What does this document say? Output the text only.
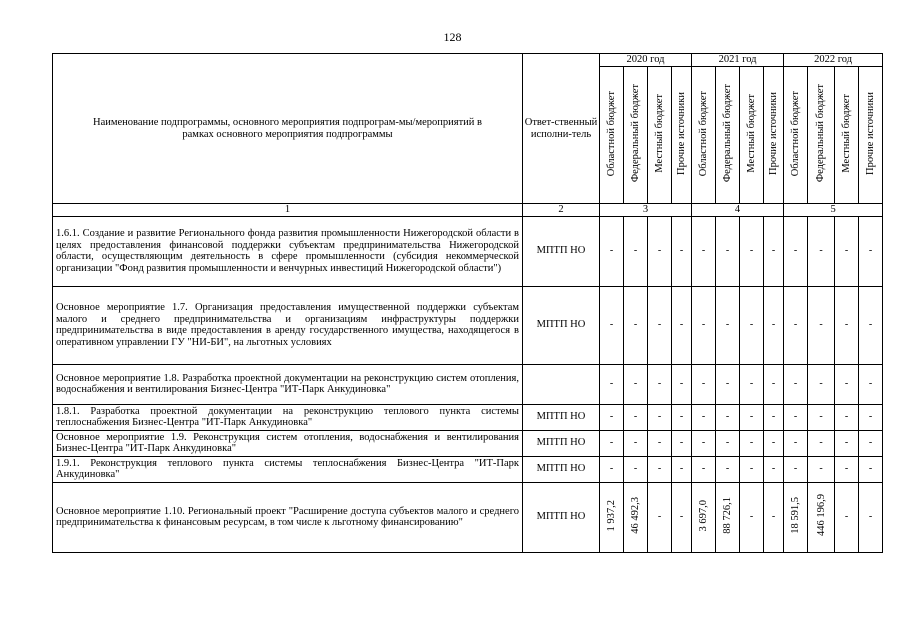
128
Наименование подпрограммы, основного мероприятия подпрограм-мы/мероприятий в рамках основного мероприятия подпрограммы	Ответ-ственный исполни-тель	2020 год				2021 год				2022 год			
		Областной бюджет	Федеральный бюджет	Местный бюджет	Прочие источники	Областной бюджет	Федеральный бюджет	Местный бюджет	Прочие источники	Областной бюджет	Федеральный бюджет	Местный бюджет	Прочие источники
1	2	3				4				5			
1.6.1. Создание и развитие Регионального фонда развития промышленности Нижегородской области в целях предоставления финансовой поддержки субъектам предпринимательства Нижегородской области, осуществляющим деятельность в сфере промышленности (субсидия некоммерческой организации "Фонд развития промышленности и венчурных инвестиций Нижегородской области")	МПТП НО	-	-	-	-	-	-	-	-	-	-	-	-
Основное мероприятие 1.7. Организация предоставления имущественной поддержки субъектам малого и среднего предпринимательства и организациям инфраструктуры поддержки предпринимательства в виде предоставления в аренду государственного имущества, находящегося в оперативном управлении ГУ "НИ-БИ", на льготных условиях	МПТП НО	-	-	-	-	-	-	-	-	-	-	-	-
Основное мероприятие 1.8. Разработка проектной документации на реконструкцию систем отопления, водоснабжения и вентилирования Бизнес-Центра "ИТ-Парк Анкудиновка"		-	-	-	-	-	-	-	-	-	-	-	-
1.8.1. Разработка проектной документации на реконструкцию теплового пункта системы теплоснабжения Бизнес-Центра "ИТ-Парк Анкудиновка"	МПТП НО	-	-	-	-	-	-	-	-	-	-	-	-
Основное мероприятие 1.9. Реконструкция систем отопления, водоснабжения и вентилирования Бизнес-Центра "ИТ-Парк Анкудиновка"	МПТП НО	-	-	-	-	-	-	-	-	-	-	-	-
1.9.1. Реконструкция теплового пункта системы теплоснабжения Бизнес-Центра "ИТ-Парк Анкудиновка"	МПТП НО	-	-	-	-	-	-	-	-	-	-	-	-
Основное мероприятие 1.10. Региональный проект "Расширение доступа субъектов малого и среднего предпринимательства к финансовым ресурсам, в том числе к льготному финансированию"	МПТП НО	1 937,2	46 492,3	-	-	3 697,0	88 726,1	-	-	18 591,5	446 196,9	-	-
